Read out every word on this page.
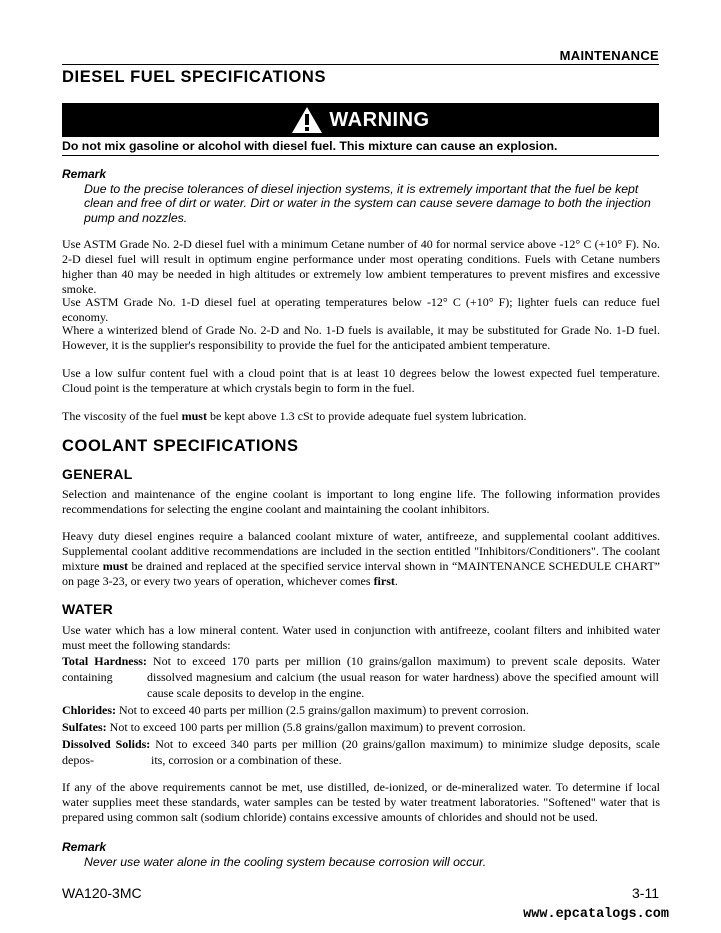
MAINTENANCE
DIESEL FUEL SPECIFICATIONS
WARNING
Do not mix gasoline or alcohol with diesel fuel. This mixture can cause an explosion.
Remark
Due to the precise tolerances of diesel injection systems, it is extremely important that the fuel be kept clean and free of dirt or water. Dirt or water in the system can cause severe damage to both the injection pump and nozzles.
Use ASTM Grade No. 2-D diesel fuel with a minimum Cetane number of 40 for normal service above -12° C (+10° F). No. 2-D diesel fuel will result in optimum engine performance under most operating conditions. Fuels with Cetane numbers higher than 40 may be needed in high altitudes or extremely low ambient temperatures to prevent misfires and excessive smoke.
Use ASTM Grade No. 1-D diesel fuel at operating temperatures below -12° C (+10° F); lighter fuels can reduce fuel economy.
Where a winterized blend of Grade No. 2-D and No. 1-D fuels is available, it may be substituted for Grade No. 1-D fuel. However, it is the supplier's responsibility to provide the fuel for the anticipated ambient temperature.
Use a low sulfur content fuel with a cloud point that is at least 10 degrees below the lowest expected fuel temperature. Cloud point is the temperature at which crystals begin to form in the fuel.
The viscosity of the fuel must be kept above 1.3 cSt to provide adequate fuel system lubrication.
COOLANT SPECIFICATIONS
GENERAL
Selection and maintenance of the engine coolant is important to long engine life. The following information provides recommendations for selecting the engine coolant and maintaining the coolant inhibitors.
Heavy duty diesel engines require a balanced coolant mixture of water, antifreeze, and supplemental coolant additives. Supplemental coolant additive recommendations are included in the section entitled "Inhibitors/Conditioners". The coolant mixture must be drained and replaced at the specified service interval shown in “MAINTENANCE SCHEDULE CHART” on page 3-23, or every two years of operation, whichever comes first.
WATER
Use water which has a low mineral content. Water used in conjunction with antifreeze, coolant filters and inhibited water must meet the following standards:
Total Hardness: Not to exceed 170 parts per million (10 grains/gallon maximum) to prevent scale deposits. Water containing	dissolved magnesium and calcium (the usual reason for water hardness) above the specified amount will cause scale deposits to develop in the engine.
Chlorides: Not to exceed 40 parts per million (2.5 grains/gallon maximum) to prevent corrosion.
Sulfates: Not to exceed 100 parts per million (5.8 grains/gallon maximum) to prevent corrosion.
Dissolved Solids: Not to exceed 340 parts per million (20 grains/gallon maximum) to minimize sludge deposits, scale depos-	its, corrosion or a combination of these.
If any of the above requirements cannot be met, use distilled, de-ionized, or de-mineralized water. To determine if local water supplies meet these standards, water samples can be tested by water treatment laboratories. "Softened" water that is prepared using common salt (sodium chloride) contains excessive amounts of chlorides and should not be used.
Remark
Never use water alone in the cooling system because corrosion will occur.
WA120-3MC	3-11
www.epcatalogs.com
